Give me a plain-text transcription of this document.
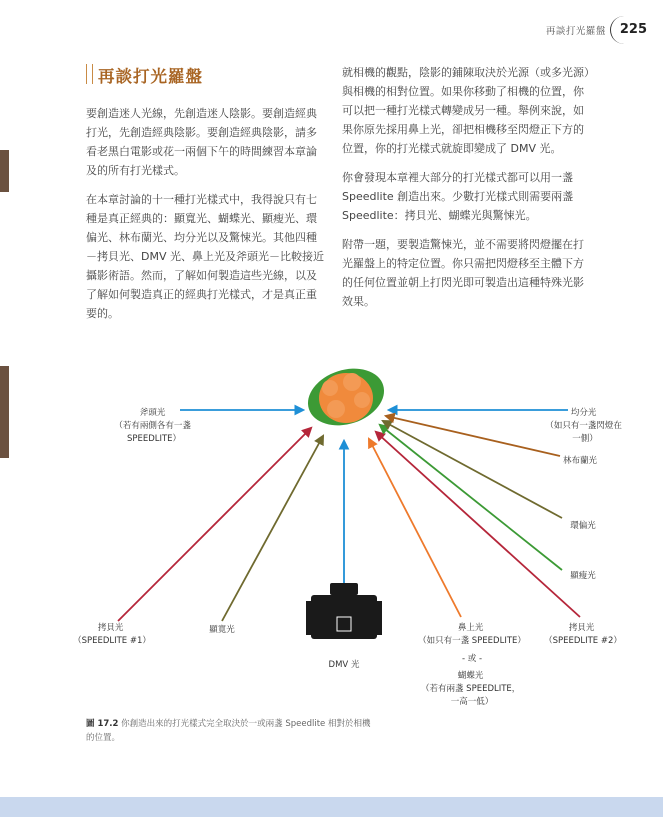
再談打光羅盤	225
再談打光羅盤

要創造迷人光線，先創造迷人陰影。要創造經典打光，先創造經典陰影。要創造經典陰影，請多看老黑白電影或花一兩個下午的時間練習本章論及的所有打光樣式。

在本章討論的十一種打光樣式中，我得說只有七種是真正經典的：顯寬光、蝴蝶光、顯瘦光、環偏光、林布蘭光、均分光以及驚悚光。其他四種－拷貝光、DMV 光、鼻上光及斧頭光－比較接近攝影術語。然而，了解如何製造這些光線，以及了解如何製造真正的經典打光樣式，才是真正重要的。

就相機的觀點，陰影的鋪陳取決於光源（或多光源）與相機的相對位置。如果你移動了相機的位置，你可以把一種打光樣式轉變成另一種。舉例來說，如果你原先採用鼻上光，卻把相機移至閃燈正下方的位置，你的打光樣式就旋即變成了 DMV 光。

你會發現本章裡大部分的打光樣式都可以用一盞 Speedlite 創造出來。少數打光樣式則需要兩盞 Speedlite：拷貝光、蝴蝶光與驚悚光。

附帶一題，要製造驚悚光，並不需要將閃燈擺在打光羅盤上的特定位置。你只需把閃燈移至主體下方的任何位置並朝上打閃光即可製造出這種特殊光影效果。

斧頭光 （若有兩側各有一盞 SPEEDLITE）
均分光 （如只有一盞閃燈在 一側）
林布蘭光
環偏光
顯瘦光
拷貝光 （SPEEDLITE #1）
顯寬光
DMV 光
鼻上光 （如只有一盞 SPEEDLITE）
拷貝光 （SPEEDLITE #2）
- 或 -
蝴蝶光 （若有兩盞 SPEEDLITE， 一高一低）
圖 17.2 你創造出來的打光樣式完全取決於一或兩盞 Speedlite 相對於相機的位置。
